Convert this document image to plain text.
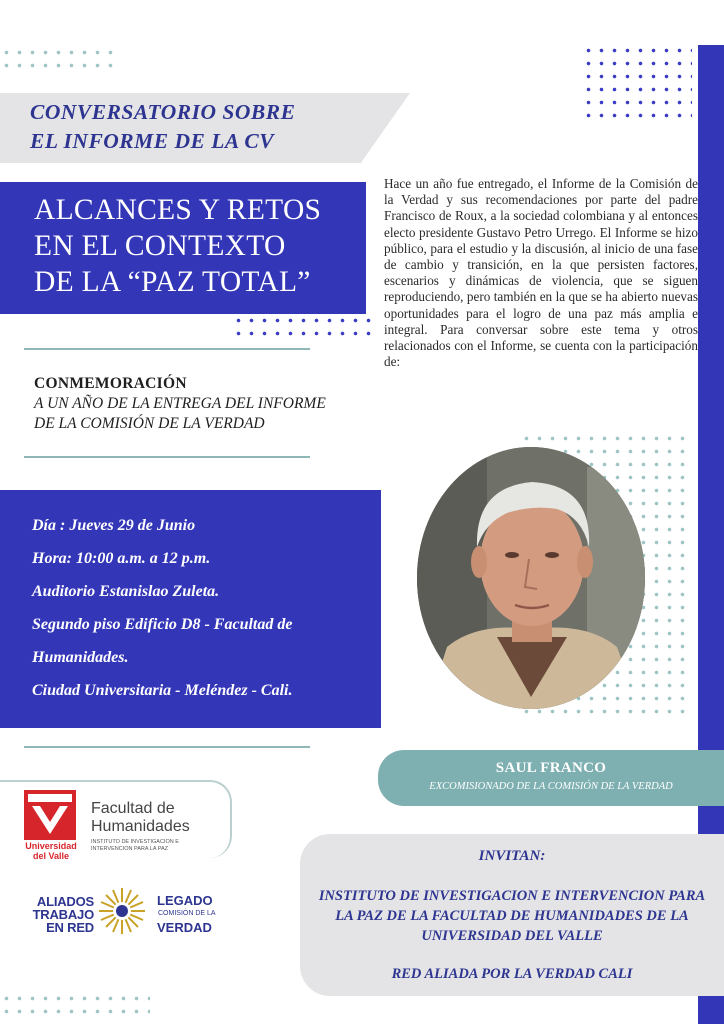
CONVERSATORIO SOBRE
EL INFORME DE LA CV
ALCANCES Y RETOS
EN EL CONTEXTO
DE LA “PAZ TOTAL”
CONMEMORACIÓN
A UN AÑO DE LA ENTREGA DEL INFORME
DE LA COMISIÓN DE LA VERDAD
Día : Jueves 29 de Junio
Hora: 10:00 a.m. a 12 p.m.
Auditorio Estanislao Zuleta.
Segundo piso Edificio D8 - Facultad de
Humanidades.
Ciudad Universitaria - Meléndez - Cali.
Hace un año fue entregado, el Informe de la Comisión de la Verdad y sus recomendaciones por parte del padre Francisco de Roux, a la sociedad colombiana y al entonces electo presidente Gustavo Petro Urrego. El Informe se hizo público, para el estudio y la discusión, al inicio de una fase de cambio y transición, en la que persisten factores, escenarios y dinámicas de violencia, que se siguen reproduciendo, pero también en la que se ha abierto nuevas oportunidades para el logro de una paz más amplia e integral. Para conversar sobre este tema y otros relacionados con el Informe, se cuenta con la participación de:
SAUL FRANCO
EXCOMISIONADO DE LA COMISIÓN DE LA VERDAD
INVITAN:
INSTITUTO DE INVESTIGACION E INTERVENCION PARA LA PAZ DE LA FACULTAD DE HUMANIDADES DE LA UNIVERSIDAD DEL VALLE
RED ALIADA POR LA VERDAD CALI
Universidad
del Valle
Facultad de
Humanidades
INSTITUTO DE INVESTIGACION E INTERVENCION PARA LA PAZ
ALIADOS
TRABAJO
EN RED
LEGADO
COMISIÓN DE LA
VERDAD
